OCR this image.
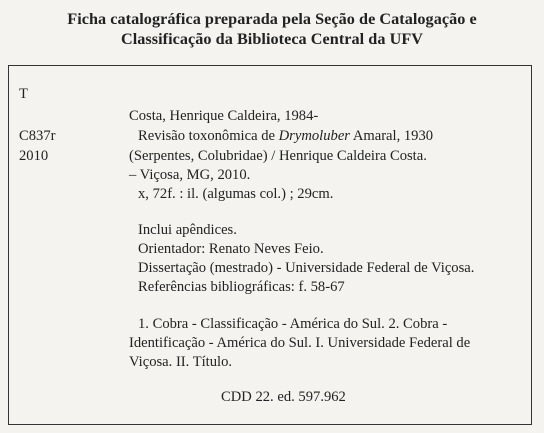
Ficha catalográfica preparada pela Seção de Catalogação e
Classificação da Biblioteca Central da UFV
T
Costa, Henrique Caldeira, 1984-
C837r	Revisão toxonômica de Drymoluber Amaral, 1930
2010	(Serpentes, Colubridae) / Henrique Caldeira Costa.
– Viçosa, MG, 2010.
x, 72f. : il. (algumas col.) ; 29cm.
Inclui apêndices.
Orientador: Renato Neves Feio.
Dissertação (mestrado) - Universidade Federal de Viçosa.
Referências bibliográficas: f. 58-67
1. Cobra - Classificação - América do Sul. 2. Cobra -
Identificação - América do Sul. I. Universidade Federal de
Viçosa. II. Título.
CDD 22. ed. 597.962
